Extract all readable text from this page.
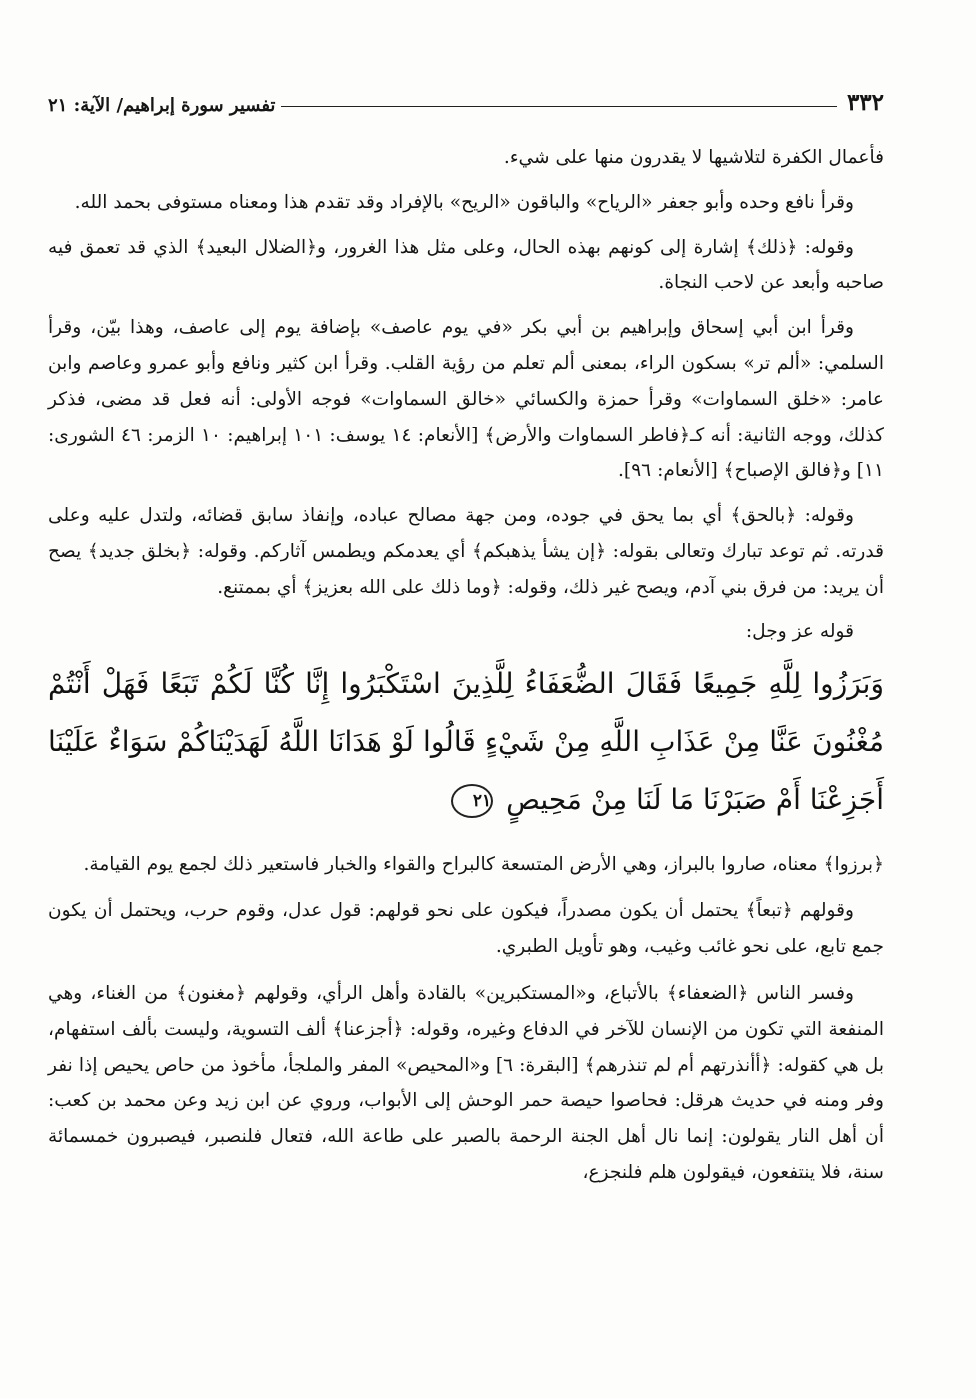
٣٣٢
تفسير سورة إبراهيم/ الآية: ٢١

فأعمال الكفرة لتلاشيها لا يقدرون منها على شيء.

وقرأ نافع وحده وأبو جعفر «الرياح» والباقون «الريح» بالإفراد وقد تقدم هذا ومعناه مستوفى بحمد الله.

وقوله: ﴿ذلك﴾ إشارة إلى كونهم بهذه الحال، وعلى مثل هذا الغرور، و﴿الضلال البعيد﴾ الذي قد تعمق فيه صاحبه وأبعد عن لاحب النجاة.

وقرأ ابن أبي إسحاق وإبراهيم بن أبي بكر «في يوم عاصف» بإضافة يوم إلى عاصف، وهذا بيّن، وقرأ السلمي: «ألم تر» بسكون الراء، بمعنى ألم تعلم من رؤية القلب. وقرأ ابن كثير ونافع وأبو عمرو وعاصم وابن عامر: «خلق السماوات» وقرأ حمزة والكسائي «خالق السماوات» فوجه الأولى: أنه فعل قد مضى، فذكر كذلك، ووجه الثانية: أنه كـ﴿فاطر السماوات والأرض﴾ [الأنعام: ١٤ يوسف: ١٠١ إبراهيم: ١٠ الزمر: ٤٦ الشورى: ١١] و﴿فالق الإصباح﴾ [الأنعام: ٩٦].

وقوله: ﴿بالحق﴾ أي بما يحق في جوده، ومن جهة مصالح عباده، وإنفاذ سابق قضائه، ولتدل عليه وعلى قدرته. ثم توعد تبارك وتعالى بقوله: ﴿إن يشأ يذهبكم﴾ أي يعدمكم ويطمس آثاركم. وقوله: ﴿بخلق جديد﴾ يصح أن يريد: من فرق بني آدم، ويصح غير ذلك، وقوله: ﴿وما ذلك على الله بعزيز﴾ أي بممتنع.

قوله عز وجل:

وَبَرَزُوا لِلَّهِ جَمِيعًا فَقَالَ الضُّعَفَاءُ لِلَّذِينَ اسْتَكْبَرُوا إِنَّا كُنَّا لَكُمْ تَبَعًا فَهَلْ أَنْتُمْ مُغْنُونَ عَنَّا مِنْ عَذَابِ اللَّهِ مِنْ شَيْءٍ قَالُوا لَوْ هَدَانَا اللَّهُ لَهَدَيْنَاكُمْ سَوَاءٌ عَلَيْنَا أَجَزِعْنَا أَمْ صَبَرْنَا مَا لَنَا مِنْ مَحِيصٍ ٢١

﴿برزوا﴾ معناه، صاروا بالبراز، وهي الأرض المتسعة كالبراح والقواء والخبار فاستعير ذلك لجمع يوم القيامة.

وقولهم ﴿تبعاً﴾ يحتمل أن يكون مصدراً، فيكون على نحو قولهم: قول عدل، وقوم حرب، ويحتمل أن يكون جمع تابع، على نحو غائب وغيب، وهو تأويل الطبري.

وفسر الناس ﴿الضعفاء﴾ بالأتباع، و«المستكبرين» بالقادة وأهل الرأي، وقولهم ﴿مغنون﴾ من الغناء، وهي المنفعة التي تكون من الإنسان للآخر في الدفاع وغيره، وقوله: ﴿أجزعنا﴾ ألف التسوية، وليست بألف استفهام، بل هي كقوله: ﴿أأنذرتهم أم لم تنذرهم﴾ [البقرة: ٦] و«المحيص» المفر والملجأ، مأخوذ من حاص يحيص إذا نفر وفر ومنه في حديث هرقل: فحاصوا حيصة حمر الوحش إلى الأبواب، وروي عن ابن زيد وعن محمد بن كعب: أن أهل النار يقولون: إنما نال أهل الجنة الرحمة بالصبر على طاعة الله، فتعال فلنصبر، فيصبرون خمسمائة سنة، فلا ينتفعون، فيقولون هلم فلنجزع،
